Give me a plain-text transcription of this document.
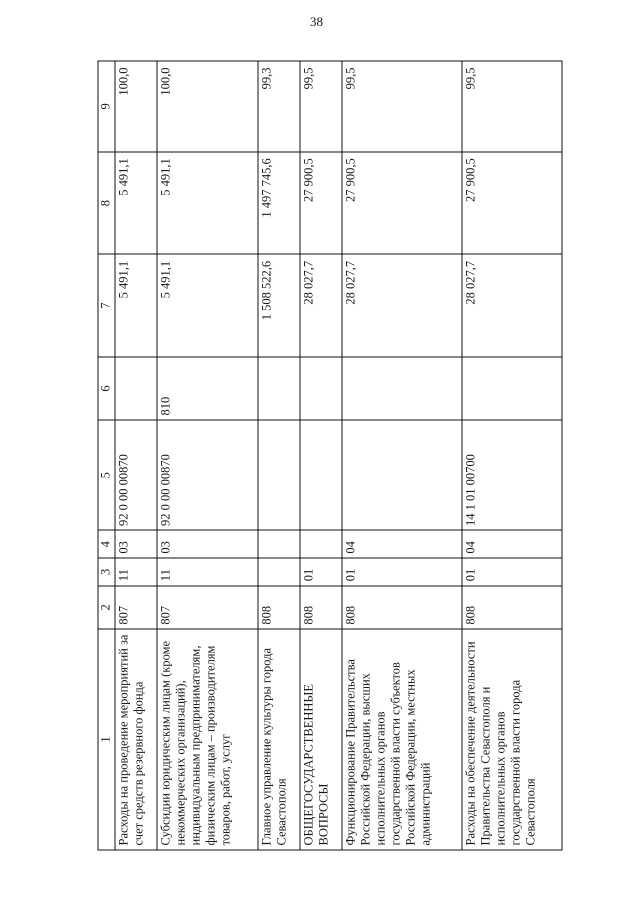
38
1	2	3	4	5	6	7	8	9
Расходы на проведение мероприятий за счет средств резервного фонда	807	11	03	92 0 00 00870		5 491,1	5 491,1	100,0
Субсидии юридическим лицам (кроме некоммерческих организаций), индивидуальным предпринимателям, физическим лицам – производителям товаров, работ, услуг	807	11	03	92 0 00 00870	810	5 491,1	5 491,1	100,0
Главное управление культуры города Севастополя	808					1 508 522,6	1 497 745,6	99,3
ОБЩЕГОСУДАРСТВЕННЫЕ ВОПРОСЫ	808	01				28 027,7	27 900,5	99,5
Функционирование Правительства Российской Федерации, высших исполнительных органов государственной власти субъектов Российской Федерации, местных администраций	808	01	04			28 027,7	27 900,5	99,5
Расходы на обеспечение деятельности Правительства Севастополя и исполнительных органов государственной власти города Севастополя	808	01	04	14 1 01 00700		28 027,7	27 900,5	99,5
